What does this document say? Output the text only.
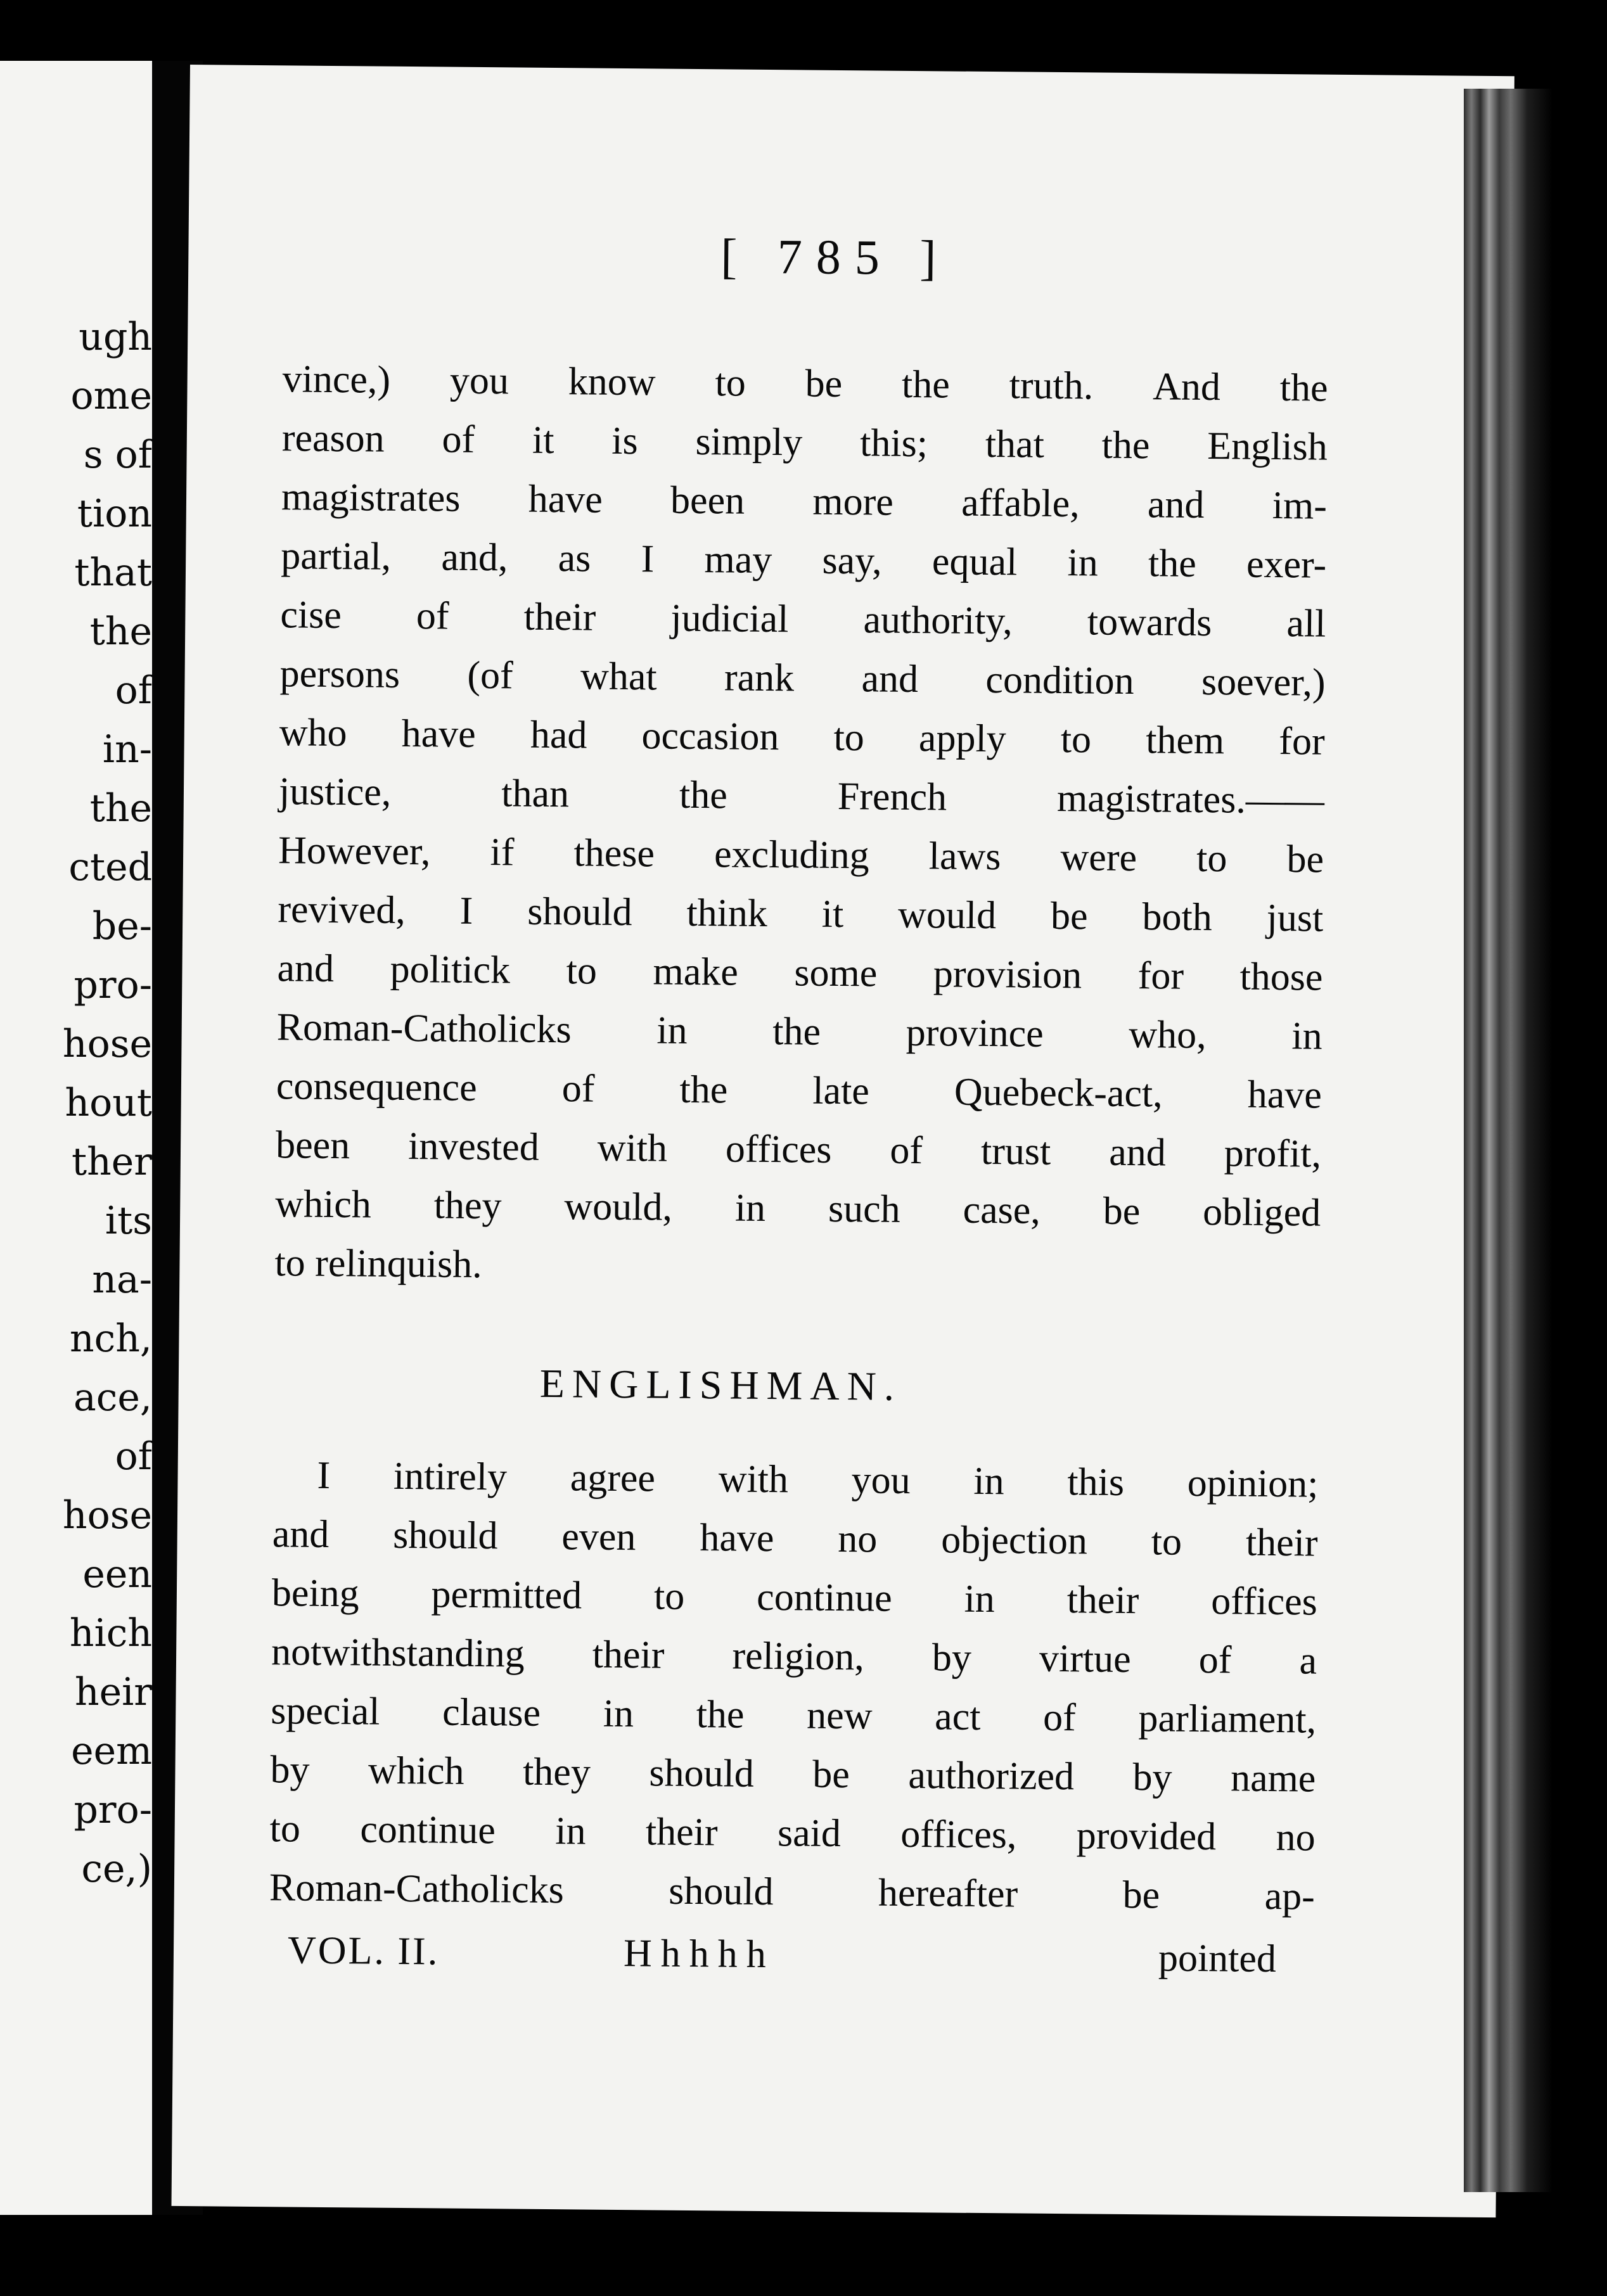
ugh
ome
s of
tion
that
the
of
in-
the
cted
be-
pro-
hose
hout
ther
its
na-
nch,
ace,
of
hose
een
hich
heir
eem
pro-
ce,)
[ 785 ]
vince,) you know to be the truth. And the
reason of it is simply this; that the English
magistrates have been more affable, and im-
partial, and, as I may say, equal in the exer-
cise of their judicial authority, towards all
persons (of what rank and condition soever,)
who have had occasion to apply to them for
justice,	than	the	French	magistrates.——
However, if these excluding laws were to be
revived, I should think it would be both just
and politick to make some provision for those
Roman-Catholicks in the province who, in
consequence of the late Quebeck-act, have
been invested with offices of trust and profit,
which they would, in such case, be obliged
to relinquish.
ENGLISHMAN.
I intirely agree with you in this opinion;
and should even have no objection to their
being permitted to continue in their offices
notwithstanding their religion, by virtue of a
special clause in the new act of parliament,
by which they should be authorized by name
to continue in their said offices, provided no
Roman-Catholicks	should	hereafter	be	ap-
VOL. II.	Hhhhh	pointed
